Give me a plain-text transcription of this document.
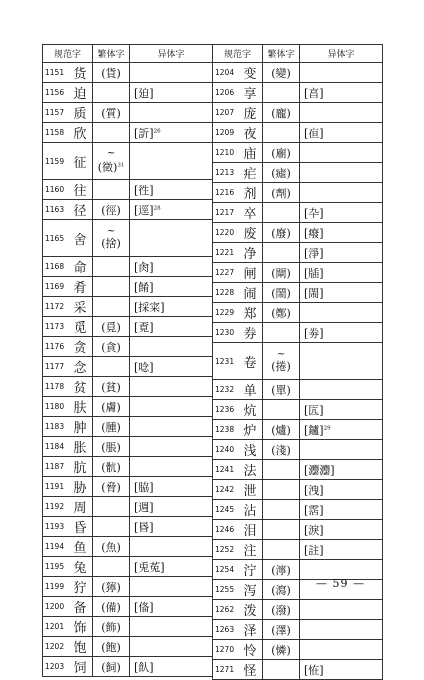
规范字		繁体字	异体字
1151	货	(貨)	
1156	迫		[廹]
1157	质	(質)	
1158	欣		[訢]$^{26}$
1159	征	~
(徵)$^{31}$	
1160	往		[徃]
1163	径	(徑)	[逕]$^{28}$
1165	舍	~
(捨)	
1168	命		[肏]
1169	肴		[餚]
1172	采		[採寀]
1173	觅	(覓)	[覔]
1176	贪	(貪)	
1177	念		[唸]
1178	贫	(貧)	
1180	肤	(膚)	
1183	肿	(腫)	
1184	胀	(脹)	
1187	肮	(骯)	
1191	胁	(脅)	[脇]
1192	周		[週]
1193	昏		[昬]
1194	鱼	(魚)	
1195	兔		[兎菟]
1199	狞	(獰)	
1200	备	(備)	[俻]
1201	饰	(飾)	
1202	饱	(飽)	
1203	饲	(飼)	[飤]
规范字		繁体字	异体字
1204	变	(變)	
1206	享		[亯]
1207	庞	(龐)	
1209	夜		[亱]
1210	庙	(廟)	
1213	疟	(瘧)	
1216	剂	(劑)	
1217	卒		[卆]
1220	废	(廢)	[癈]
1221	净		[淨]
1227	闸	(閘)	[牐]
1228	闹	(鬧)	[閙]
1229	郑	(鄭)	
1230	券		[劵]
1231	卷	~
(捲)	
1232	单	(單)	
1236	炕		[匟]
1238	炉	(爐)	[鑪]$^{29}$
1240	浅	(淺)	
1241	法		[灋灋]
1242	泄		[洩]
1245	沾		[霑]
1246	泪		[淚]
1252	注		[註]
1254	泞	(濘)	
1255	泻	(瀉)	
1262	泼	(潑)	
1263	泽	(澤)	
1270	怜	(憐)	
1271	怪		[恠]
— 59 —
